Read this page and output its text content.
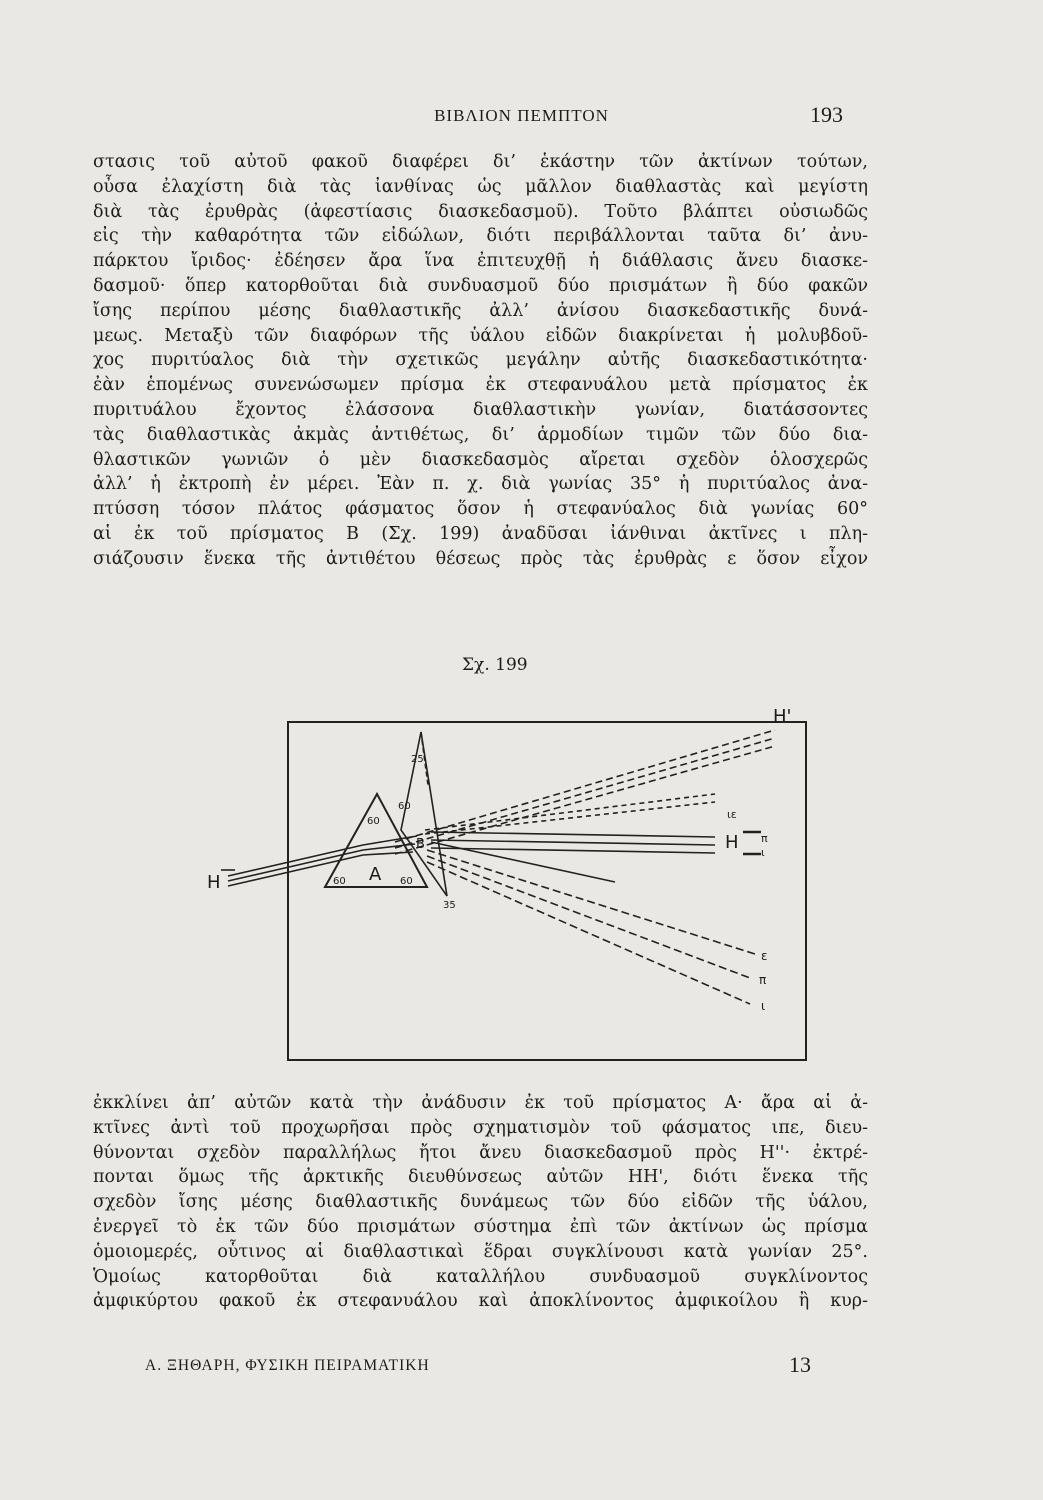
ΒΙΒΛΙΟΝ ΠΕΜΠΤΟΝ	193
στασις τοῦ αὐτοῦ φακοῦ διαφέρει δι’ ἑκάστην τῶν ἀκτίνων τούτων,
οὖσα ἐλαχίστη διὰ τὰς ἰανθίνας ὡς μᾶλλον διαθλαστὰς καὶ μεγίστη
διὰ τὰς ἐρυθρὰς (ἀφεστίασις διασκεδασμοῦ). Τοῦτο βλάπτει οὐσιωδῶς
εἰς τὴν καθαρότητα τῶν εἰδώλων, διότι περιβάλλονται ταῦτα δι’ ἀνυ-
πάρκτου ἴριδος· ἐδέησεν ἄρα ἵνα ἐπιτευχθῇ ἡ διάθλασις ἄνευ διασκε-
δασμοῦ· ὅπερ κατορθοῦται διὰ συνδυασμοῦ δύο πρισμάτων ἢ δύο φακῶν
ἴσης περίπου μέσης διαθλαστικῆς ἀλλ’ ἀνίσου διασκεδαστικῆς δυνά-
μεως. Μεταξὺ τῶν διαφόρων τῆς ὑάλου εἰδῶν διακρίνεται ἡ μολυβδοῦ-
χος πυριτύαλος διὰ τὴν σχετικῶς μεγάλην αὐτῆς διασκεδαστικότητα·
ἐὰν ἑπομένως συνενώσωμεν πρίσμα ἐκ στεφανυάλου μετὰ πρίσματος ἐκ
πυριτυάλου ἔχοντος ἐλάσσονα διαθλαστικὴν γωνίαν, διατάσσοντες
τὰς διαθλαστικὰς ἀκμὰς ἀντιθέτως, δι’ ἁρμοδίων τιμῶν τῶν δύο δια-
θλαστικῶν γωνιῶν ὁ μὲν διασκεδασμὸς αἴρεται σχεδὸν ὁλοσχερῶς
ἀλλ’ ἡ ἐκτροπὴ ἐν μέρει. Ἐὰν π. χ. διὰ γωνίας 35° ἡ πυριτύαλος ἀνα-
πτύσση τόσον πλάτος φάσματος ὅσον ἡ στεφανύαλος διὰ γωνίας 60°
αἱ ἐκ τοῦ πρίσματος Β (Σχ. 199) ἀναδῦσαι ἰάνθιναι ἀκτῖνες ι πλη-
σιάζουσιν ἕνεκα τῆς ἀντιθέτου θέσεως πρὸς τὰς ἐρυθρὰς ε ὅσον εἶχον
Σχ. 199
H	A
B
60
60	60
60
25
35
H'
H
ιε
π
ι
ε
π
ι
ἐκκλίνει ἀπ’ αὐτῶν κατὰ τὴν ἀνάδυσιν ἐκ τοῦ πρίσματος Α· ἄρα αἱ ἀ-
κτῖνες ἀντὶ τοῦ προχωρῆσαι πρὸς σχηματισμὸν τοῦ φάσματος ιπε, διευ-
θύνονται σχεδὸν παραλλήλως ἤτοι ἄνευ διασκεδασμοῦ πρὸς Η''· ἐκτρέ-
πονται ὅμως τῆς ἀρκτικῆς διευθύνσεως αὐτῶν ΗΗ', διότι ἕνεκα τῆς
σχεδὸν ἴσης μέσης διαθλαστικῆς δυνάμεως τῶν δύο εἰδῶν τῆς ὑάλου,
ἐνεργεῖ τὸ ἐκ τῶν δύο πρισμάτων σύστημα ἐπὶ τῶν ἀκτίνων ὡς πρίσμα
ὁμοιομερές, οὗτινος αἱ διαθλαστικαὶ ἕδραι συγκλίνουσι κατὰ γωνίαν 25°.
Ὁμοίως κατορθοῦται διὰ καταλλήλου συνδυασμοῦ συγκλίνοντος
ἀμφικύρτου φακοῦ ἐκ στεφανυάλου καὶ ἀποκλίνοντος ἀμφικοίλου ἢ κυρ-
Α. ΞΗΘΑΡΗ, ΦΥΣΙΚΗ ΠΕΙΡΑΜΑΤΙΚΗ	13
